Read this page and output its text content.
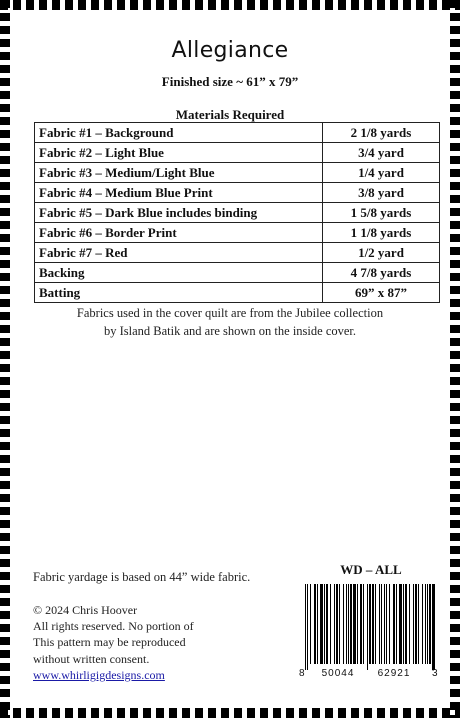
Allegiance
Finished size ~ 61” x 79”
Materials Required
Fabric #1 – Background	2 1/8 yards
Fabric #2 – Light Blue	3/4 yard
Fabric #3 – Medium/Light Blue	1/4 yard
Fabric #4 – Medium Blue Print	3/8 yard
Fabric #5 – Dark Blue includes binding	1 5/8 yards
Fabric #6 – Border Print	1 1/8 yards
Fabric #7 – Red	1/2 yard
Backing	4 7/8 yards
Batting	69” x 87”
Fabrics used in the cover quilt are from the Jubilee collection
by Island Batik and are shown on the inside cover.
Fabric yardage is based on 44” wide fabric.
© 2024 Chris Hoover
All rights reserved. No portion of
This pattern may be reproduced
without written consent.
www.whirligigdesigns.com
WD – ALL
8 50044 62921 3
